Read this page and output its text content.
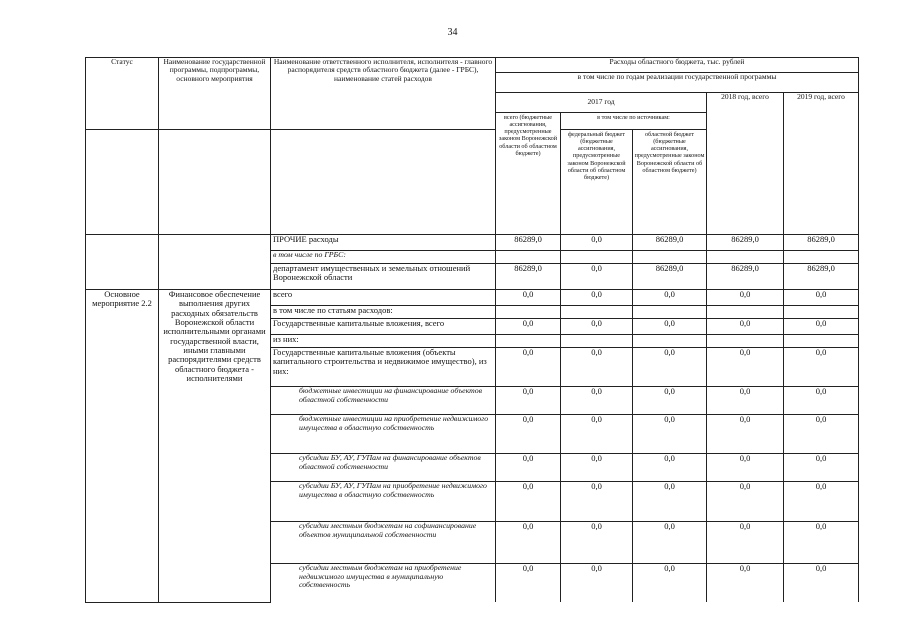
34
Статус	Наименование государственной программы, подпрограммы, основного мероприятия	Наименование ответственного исполнителя, исполнителя - главного распорядителя средств областного бюджета (далее - ГРБС), наименование статей расходов	Расходы областного бюджета, тыс. рублей				
			в том числе по годам реализации государственной программы				
			2017 год			2018 год, всего	2019 год, всего
			всего (бюджетные ассигнования, предусмотренные законом Воронежской области об областном бюджете)	в том числе по источникам:			
				федеральный бюджет (бюджетные ассигнования, предусмотренные законом Воронежской области об областном бюджете)	областной бюджет (бюджетные ассигнования, предусмотренные законом Воронежской области об областном бюджете)		
		ПРОЧИЕ расходы	86289,0	0,0	86289,0	86289,0	86289,0
		в том числе по ГРБС:					
		департамент имущественных и земельных отношений Воронежской области	86289,0	0,0	86289,0	86289,0	86289,0
Основное мероприятие 2.2	Финансовое обеспечение выполнения других расходных обязательств Воронежской области исполнительными органами государственной власти, иными главными распорядителями средств областного бюджета - исполнителями	всего	0,0	0,0	0,0	0,0	0,0
		в том числе по статьям расходов:					
		Государственные капитальные вложения, всего	0,0	0,0	0,0	0,0	0,0
		из них:					
		Государственные капитальные вложения (объекты капитального строительства и недвижимое имущество), из них:	0,0	0,0	0,0	0,0	0,0
		бюджетные инвестиции на финансирование объектов областной собственности	0,0	0,0	0,0	0,0	0,0
		бюджетные инвестиции на приобретение недвижимого имущества в областную собственность	0,0	0,0	0,0	0,0	0,0
		субсидии БУ, АУ, ГУПам на финансирование объектов областной собственности	0,0	0,0	0,0	0,0	0,0
		субсидии БУ, АУ, ГУПам на приобретение недвижимого имущества в областную собственность	0,0	0,0	0,0	0,0	0,0
		субсидии местным бюджетам на софинансирование объектов муниципальной собственности	0,0	0,0	0,0	0,0	0,0
		субсидии местным бюджетам на приобретение недвижимого имущества в муниципальную собственность	0,0	0,0	0,0	0,0	0,0
